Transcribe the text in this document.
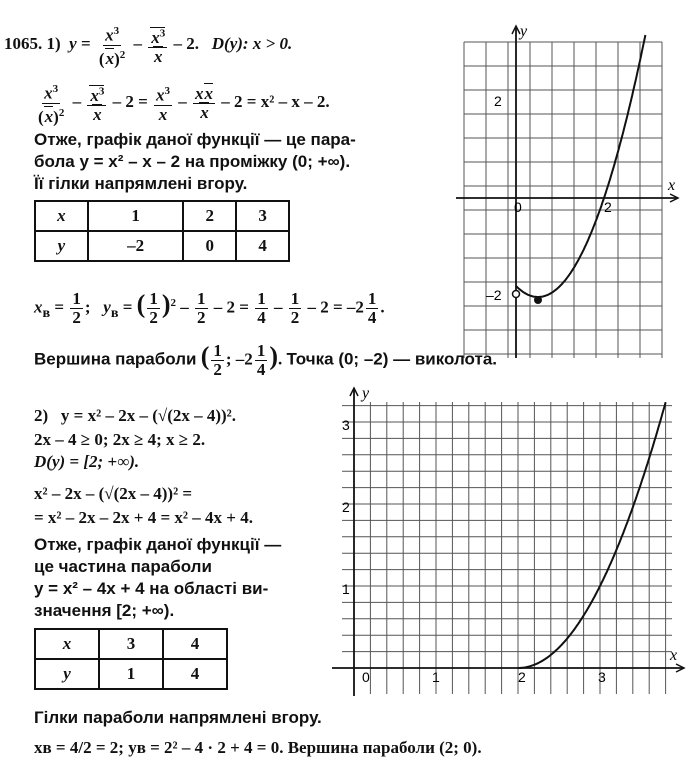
1065. 1)  $y = \frac{x^3}{(x)^2} - \frac{x^3}{x} - 2$.   D(y): x > 0.
$\frac{x^3}{(x)^2} - \frac{x^3}{x} - 2 = \frac{x^3}{x} - \frac{xx}{x} - 2 = x^2 - x - 2$.
Отже, графік даної функції — це пара-
бола y = x² – x – 2 на проміжку (0; +∞).
Її гілки напрямлені вгору.
x	1	2	3
y	–2	0	4
$x_в = \frac{1}{2}$ ;   $y_в$ = ( $\frac{1}{2} )^2 - \frac{1}{2} - 2 = \frac{1}{4} - \frac{1}{2} - 2 = -2 \frac{1}{4}$ .
Вершина параболи ( $\frac{1}{2}$ ; $-2 \frac{1}{4}$ ). Точка (0; –2) — виколота.
2) y = x² – 2x – (√(2x – 4))².
2x – 4 ≥ 0; 2x ≥ 4; x ≥ 2.
D(y) = [2; +∞).
x² – 2x – (√(2x – 4))² =
= x² – 2x – 2x + 4 = x² – 4x + 4.
Отже, графік даної функції —
це частина параболи
y = x² – 4x + 4 на області ви-
значення [2; +∞).
x	3	4
y	1	4
Гілки параболи напрямлені вгору.
xв = 4/2 = 2; yв = 2² – 4 · 2 + 4 = 0. Вершина параболи (2; 0).
y
x
2
0	2
–2
y
x
1
2
3
0	1	2	3
